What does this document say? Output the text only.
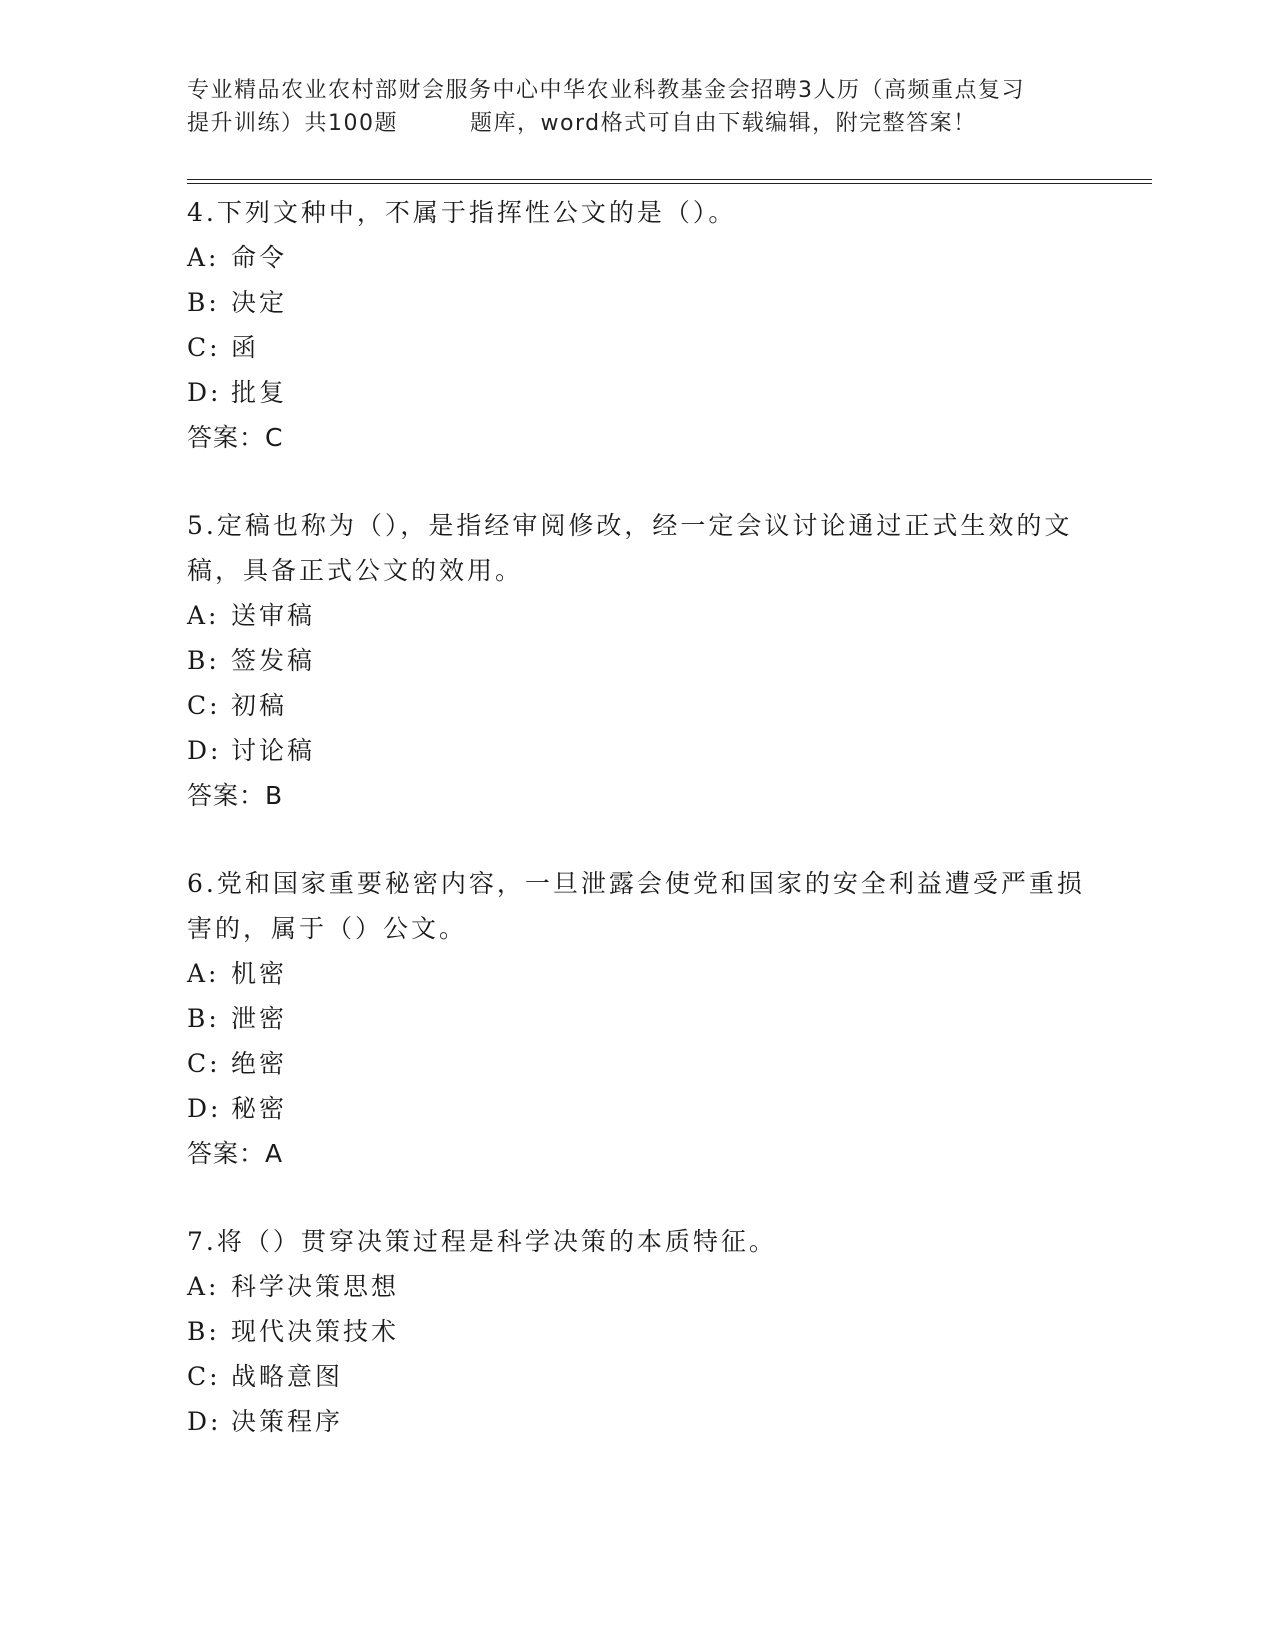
专业精品农业农村部财会服务中心中华农业科教基金会招聘3人历（高频重点复习
提升训练）共100题	题库，word格式可自由下载编辑，附完整答案！
4.下列文种中，不属于指挥性公文的是（）。
A: 命令
B: 决定
C: 函
D: 批复
答案：C
5.定稿也称为（），是指经审阅修改，经一定会议讨论通过正式生效的文稿，具备正式公文的效用。
A: 送审稿
B: 签发稿
C: 初稿
D: 讨论稿
答案：B
6.党和国家重要秘密内容，一旦泄露会使党和国家的安全利益遭受严重损害的，属于（）公文。
A: 机密
B: 泄密
C: 绝密
D: 秘密
答案：A
7.将（）贯穿决策过程是科学决策的本质特征。
A: 科学决策思想
B: 现代决策技术
C: 战略意图
D: 决策程序
